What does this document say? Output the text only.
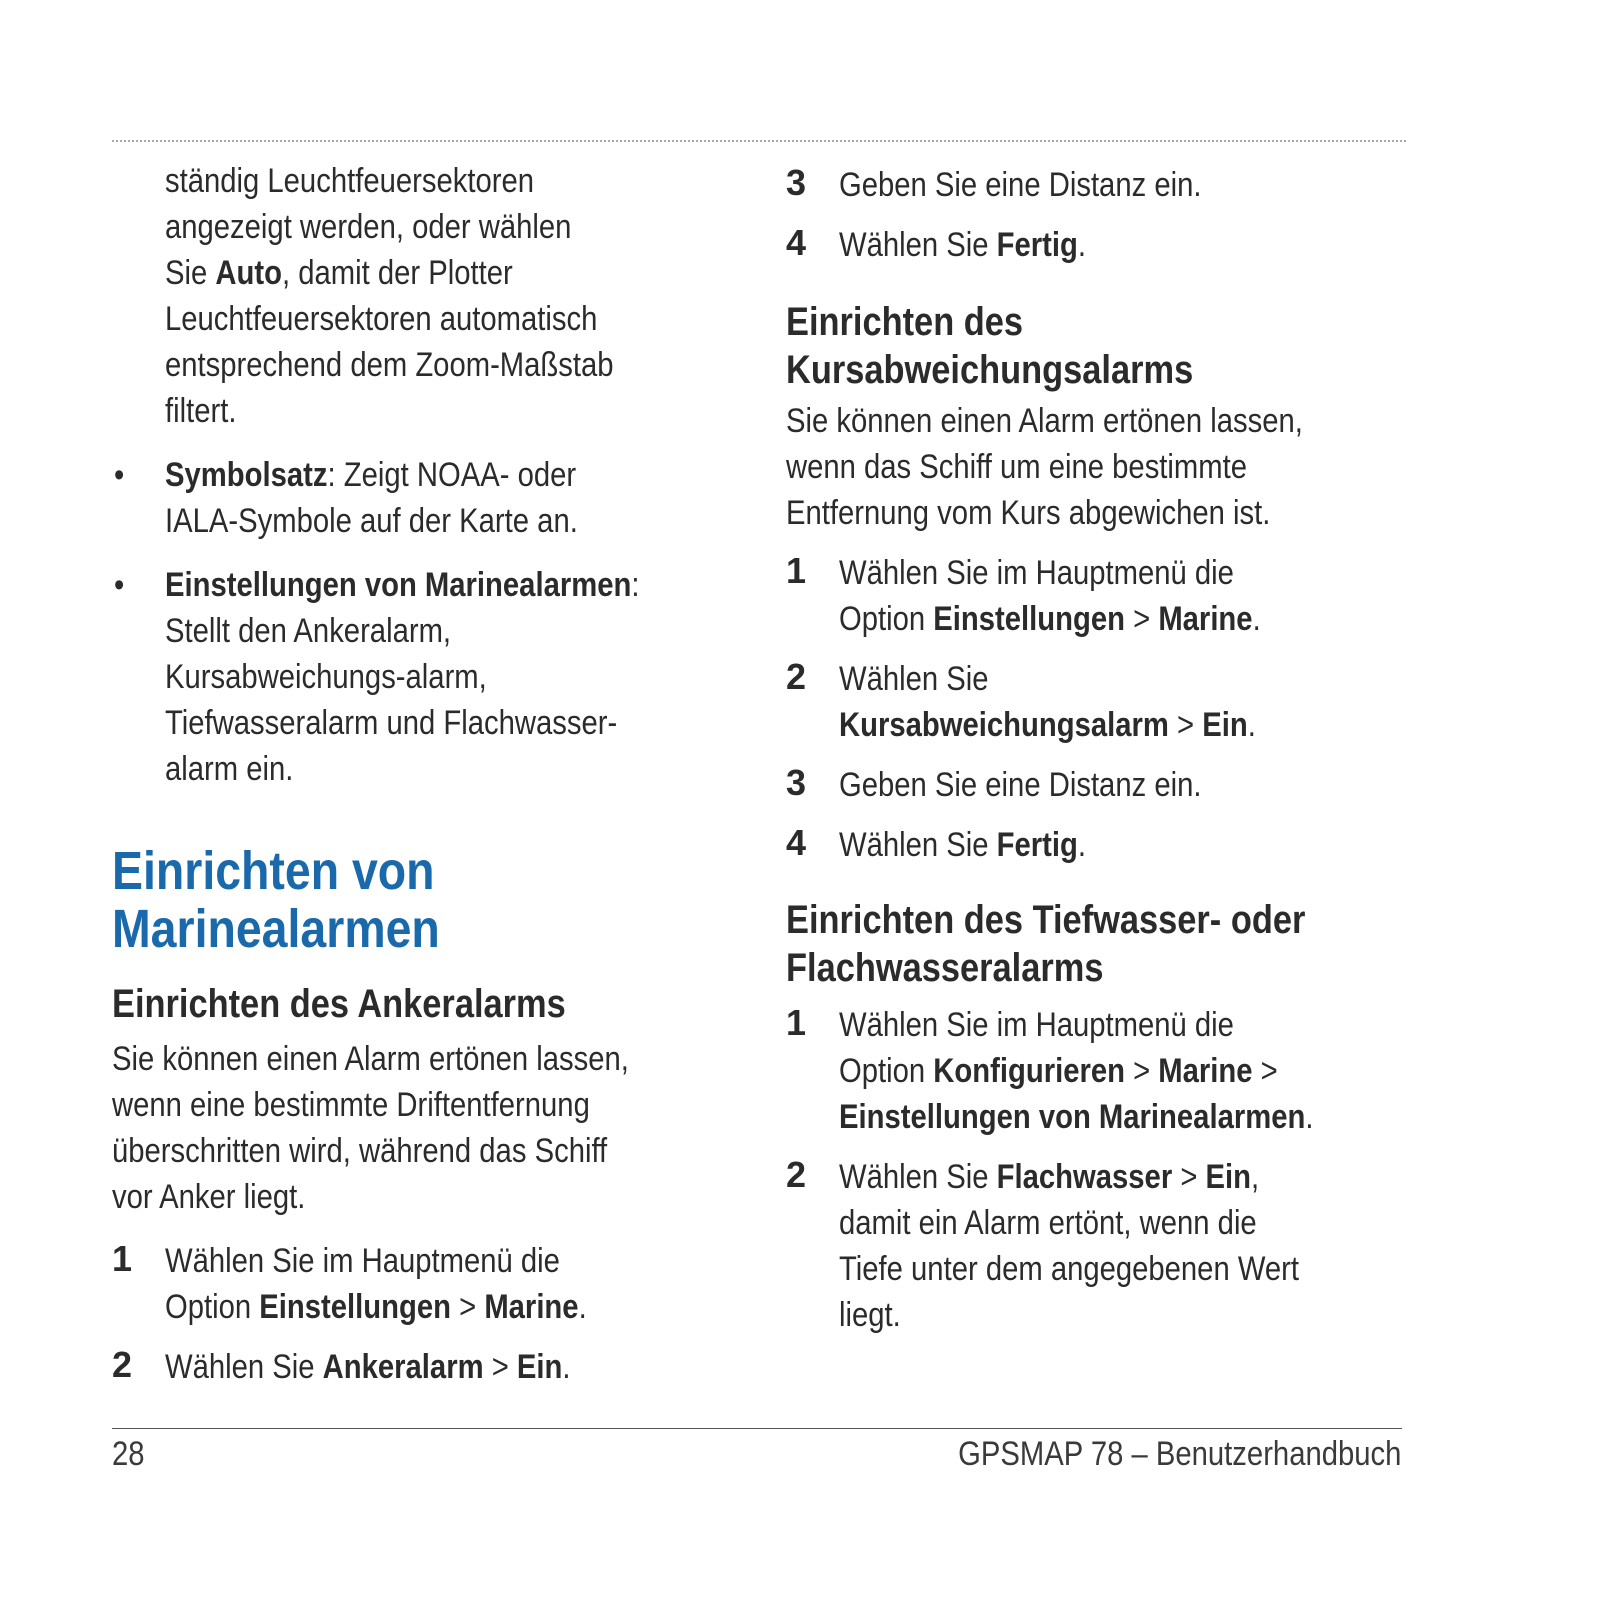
ständig Leuchtfeuersektoren

angezeigt werden, oder wählen

Sie Auto, damit der Plotter

Leuchtfeuersektoren automatisch

entsprechend dem Zoom-Maßstab

filtert.

• Symbolsatz: Zeigt NOAA- oder

IALA-Symbole auf der Karte an.

• Einstellungen von Marinealarmen:

Stellt den Ankeralarm,

Kursabweichungs-alarm,

Tiefwasseralarm und Flachwasser-

alarm ein.

Einrichten von
Marinealarmen
Einrichten des Ankeralarms

Sie können einen Alarm ertönen lassen,

wenn eine bestimmte Driftentfernung

überschritten wird, während das Schiff

vor Anker liegt.

1 Wählen Sie im Hauptmenü die

Option Einstellungen > Marine.

2 Wählen Sie Ankeralarm > Ein.

3 Geben Sie eine Distanz ein.

4 Wählen Sie Fertig.

Einrichten des
Kursabweichungsalarms

Sie können einen Alarm ertönen lassen,

wenn das Schiff um eine bestimmte

Entfernung vom Kurs abgewichen ist.

1 Wählen Sie im Hauptmenü die

Option Einstellungen > Marine.

2 Wählen Sie

Kursabweichungsalarm > Ein.

3 Geben Sie eine Distanz ein.

4 Wählen Sie Fertig.

Einrichten des Tiefwasser- oder
Flachwasseralarms
1 Wählen Sie im Hauptmenü die

Option Konfigurieren > Marine >

Einstellungen von Marinealarmen.

2 Wählen Sie Flachwasser > Ein,

damit ein Alarm ertönt, wenn die

Tiefe unter dem angegebenen Wert

liegt.

28	GPSMAP 78 – Benutzerhandbuch
